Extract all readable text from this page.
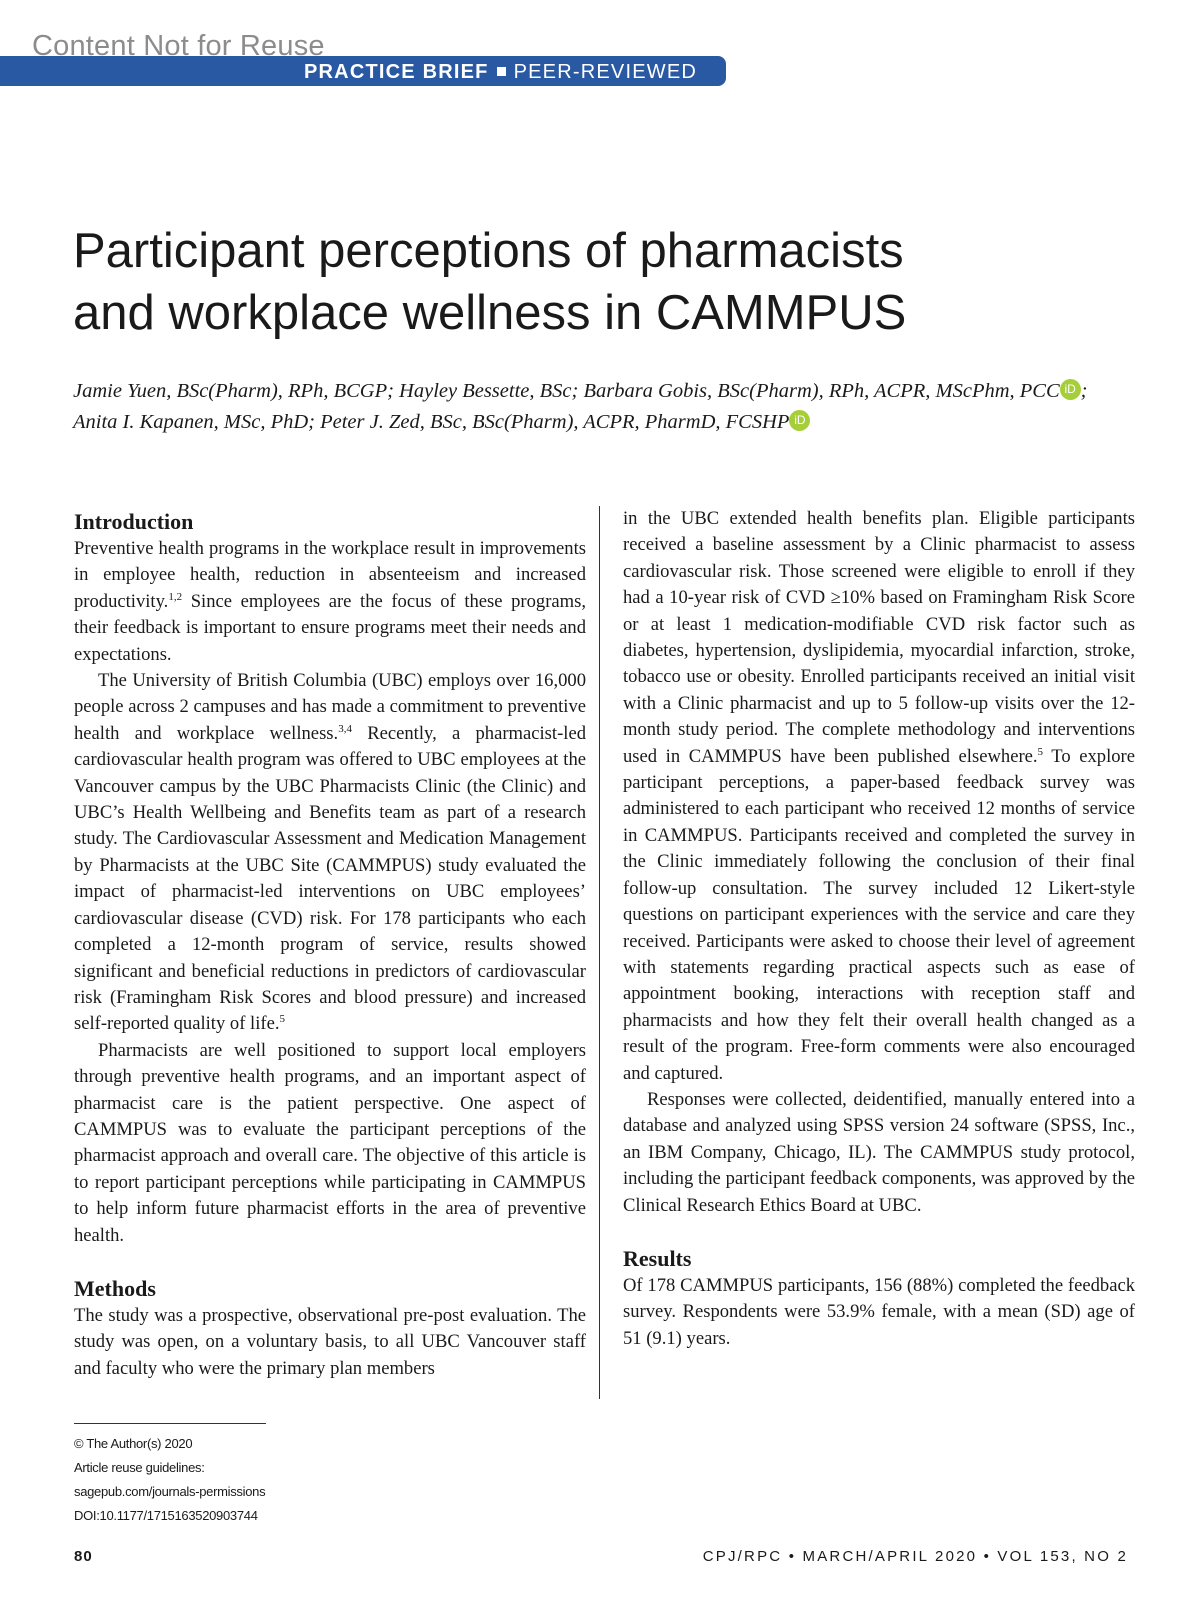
Content Not for Reuse
PRACTICE BRIEF PEER-REVIEWED
Participant perceptions of pharmacists
and workplace wellness in CAMMPUS
Jamie Yuen, BSc(Pharm), RPh, BCGP; Hayley Bessette, BSc; Barbara Gobis, BSc(Pharm), RPh, ACPR, MScPhm, PCC iD ; Anita I. Kapanen, MSc, PhD; Peter J. Zed, BSc, BSc(Pharm), ACPR, PharmD, FCSHP iD
Introduction

Preventive health programs in the workplace result in improvements in employee health, reduction in absenteeism and increased productivity.$^{1,2}$ Since employees are the focus of these programs, their feedback is important to ensure programs meet their needs and expectations.

The University of British Columbia (UBC) employs over 16,000 people across 2 campuses and has made a commitment to preventive health and workplace wellness.$^{3,4}$ Recently, a pharmacist-led cardiovascular health program was offered to UBC employees at the Vancouver campus by the UBC Pharmacists Clinic (the Clinic) and UBC’s Health Wellbeing and Benefits team as part of a research study. The Cardiovascular Assessment and Medication Management by Pharmacists at the UBC Site (CAMMPUS) study evaluated the impact of pharmacist-led interventions on UBC employees’ cardiovascular disease (CVD) risk. For 178 participants who each completed a 12-month program of service, results showed significant and beneficial reductions in predictors of cardiovascular risk (Framingham Risk Scores and blood pressure) and increased self-reported quality of life.$^5$

Pharmacists are well positioned to support local employers through preventive health programs, and an important aspect of pharmacist care is the patient perspective. One aspect of CAMMPUS was to evaluate the participant perceptions of the pharmacist approach and overall care. The objective of this article is to report participant perceptions while participating in CAMMPUS to help inform future pharmacist efforts in the area of preventive health.

Methods

The study was a prospective, observational pre-post evaluation. The study was open, on a voluntary basis, to all UBC Vancouver staff and faculty who were the primary plan members

in the UBC extended health benefits plan. Eligible participants received a baseline assessment by a Clinic pharmacist to assess cardiovascular risk. Those screened were eligible to enroll if they had a 10-year risk of CVD ≥10% based on Framingham Risk Score or at least 1 medication-modifiable CVD risk factor such as diabetes, hypertension, dyslipidemia, myocardial infarction, stroke, tobacco use or obesity. Enrolled participants received an initial visit with a Clinic pharmacist and up to 5 follow-up visits over the 12-month study period. The complete methodology and interventions used in CAMMPUS have been published elsewhere.$^5$ To explore participant perceptions, a paper-based feedback survey was administered to each participant who received 12 months of service in CAMMPUS. Participants received and completed the survey in the Clinic immediately following the conclusion of their final follow-up consultation. The survey included 12 Likert-style questions on participant experiences with the service and care they received. Participants were asked to choose their level of agreement with statements regarding practical aspects such as ease of appointment booking, interactions with reception staff and pharmacists and how they felt their overall health changed as a result of the program. Free-form comments were also encouraged and captured.

Responses were collected, deidentified, manually entered into a database and analyzed using SPSS version 24 software (SPSS, Inc., an IBM Company, Chicago, IL). The CAMMPUS study protocol, including the participant feedback components, was approved by the Clinical Research Ethics Board at UBC.

Results

Of 178 CAMMPUS participants, 156 (88%) completed the feedback survey. Respondents were 53.9% female, with a mean (SD) age of 51 (9.1) years.

© The Author(s) 2020
Article reuse guidelines:
sagepub.com/journals-permissions
DOI:10.1177/1715163520903744
80	CPJ/RPC • MARCH/APRIL 2020 • VOL 153, NO 2
